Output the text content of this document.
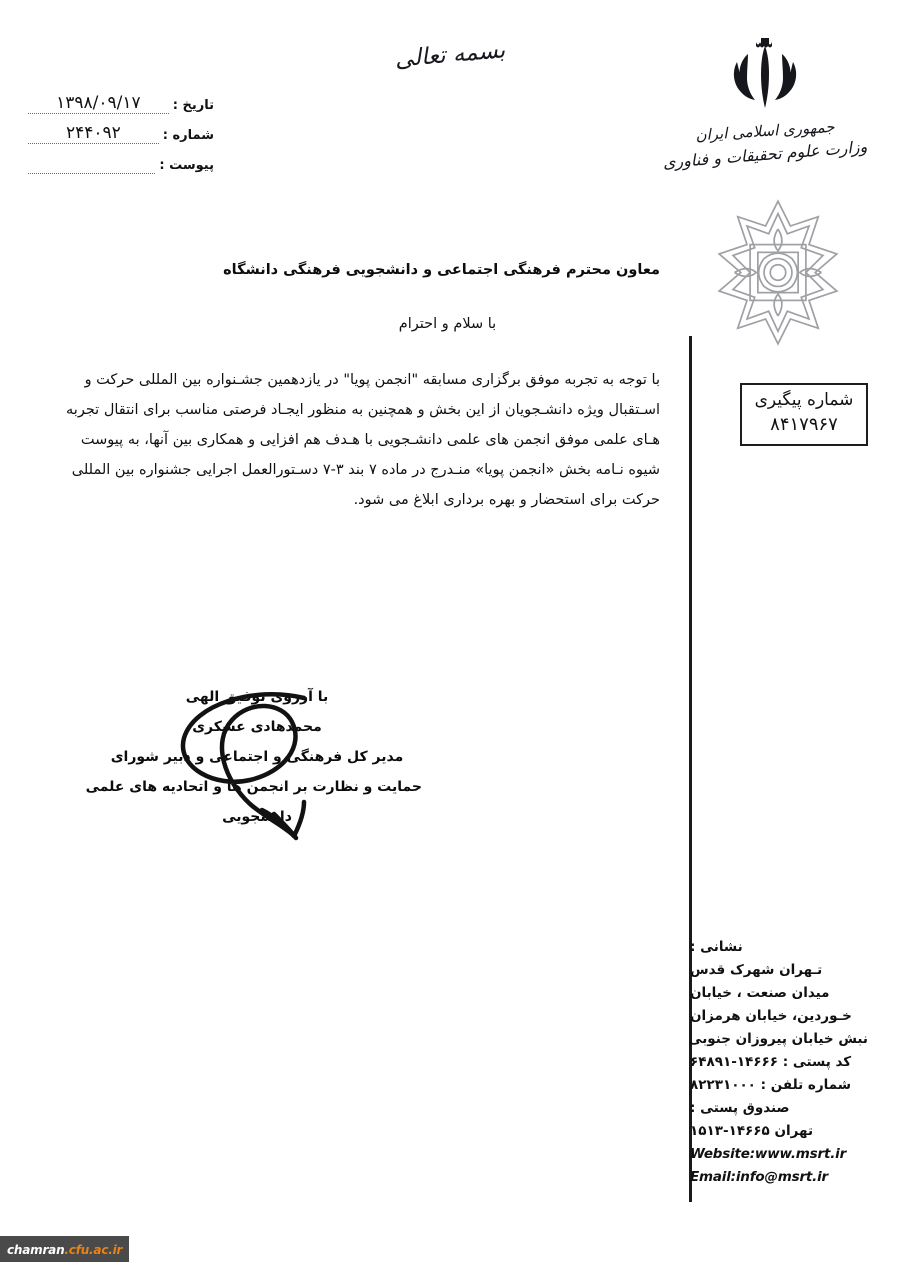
بسمه تعالی
جمهوری اسلامی ایران
وزارت علوم تحقیقات و فناوری
تاریخ :
۱۳۹۸/۰۹/۱۷
شماره :
۲۴۴۰۹۲
پیوست :
شماره پیگیری
۸۴۱۷۹۶۷
معاون محترم فرهنگی اجتماعی و دانشجویی فرهنگی دانشگاه
با سلام و احترام
با توجه به تجربه موفق برگزاری مسابقه "انجمن پویا" در یازدهمین جشـنواره بین المللی حرکت و
اسـتقبال ویژه دانشـجویان از این بخش و همچنین به منظور ایجـاد فرصتی مناسب برای انتقال تجربه
هـای علمی موفق انجمن های علمی دانشـجویی با هـدف هم افزایی و همکاری بین آنها، به پیوست
شیوه نـامه بخش «انجمن پویا» منـدرج در ماده ۷ بند ۳-۷ دسـتورالعمل اجرایی جشنواره بین المللی
حرکت برای استحضار و بهره برداری ابلاغ می شود.
با آرزوی توفیق الهی
محمدهادی عسکری
مدیر کل فرهنگی و اجتماعی و دبیر شورای
حمایت و نظارت بر انجمن ها و اتحادیه های علمی
دانشجویی
نشانی :
تـهران شهرک قدس
میدان صنعت ، خیابان
خـوردین، خیابان هرمزان
نبش خیابان پیروزان جنوبی
کد پستی : ۱۴۶۶۶-۶۴۸۹۱
شماره تلفن : ۸۲۲۳۱۰۰۰
صندوق پستی :
تهران ۱۴۶۶۵-۱۵۱۳
Website:www.msrt.ir
Email:info@msrt.ir
chamran.cfu.ac.ir
